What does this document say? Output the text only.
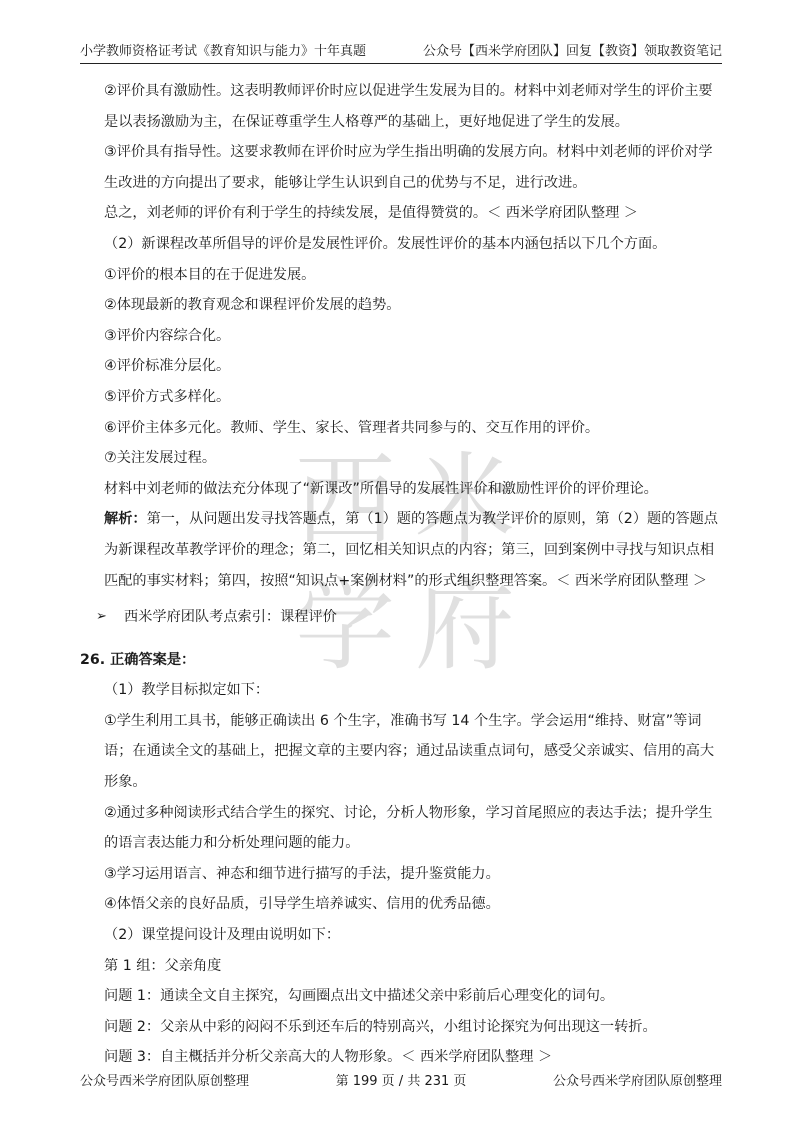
小学教师资格证考试《教育知识与能力》十年真题	公众号【西米学府团队】回复【教资】领取教资笔记
西 米
学 府

②评价具有激励性。这表明教师评价时应以促进学生发展为目的。材料中刘老师对学生的评价主要是以表扬激励为主，在保证尊重学生人格尊严的基础上，更好地促进了学生的发展。

③评价具有指导性。这要求教师在评价时应为学生指出明确的发展方向。材料中刘老师的评价对学生改进的方向提出了要求，能够让学生认识到自己的优势与不足，进行改进。

总之，刘老师的评价有利于学生的持续发展，是值得赞赏的。＜ 西米学府团队整理 ＞

（2）新课程改革所倡导的评价是发展性评价。发展性评价的基本内涵包括以下几个方面。

①评价的根本目的在于促进发展。

②体现最新的教育观念和课程评价发展的趋势。

③评价内容综合化。

④评价标准分层化。

⑤评价方式多样化。

⑥评价主体多元化。教师、学生、家长、管理者共同参与的、交互作用的评价。

⑦关注发展过程。

材料中刘老师的做法充分体现了“新课改”所倡导的发展性评价和激励性评价的评价理论。

解析：第一，从问题出发寻找答题点，第（1）题的答题点为教学评价的原则，第（2）题的答题点为新课程改革教学评价的理念；第二，回忆相关知识点的内容；第三，回到案例中寻找与知识点相匹配的事实材料；第四，按照“知识点+案例材料”的形式组织整理答案。＜ 西米学府团队整理 ＞

➢	西米学府团队考点索引：课程评价

26. 正确答案是：

（1）教学目标拟定如下：

①学生利用工具书，能够正确读出 6 个生字，准确书写 14 个生字。学会运用“维持、财富”等词语；在通读全文的基础上，把握文章的主要内容；通过品读重点词句，感受父亲诚实、信用的高大形象。

②通过多种阅读形式结合学生的探究、讨论，分析人物形象，学习首尾照应的表达手法；提升学生的语言表达能力和分析处理问题的能力。

③学习运用语言、神态和细节进行描写的手法，提升鉴赏能力。

④体悟父亲的良好品质，引导学生培养诚实、信用的优秀品德。

（2）课堂提问设计及理由说明如下：

第 1 组：父亲角度

问题 1：通读全文自主探究，勾画圈点出文中描述父亲中彩前后心理变化的词句。

问题 2：父亲从中彩的闷闷不乐到还车后的特别高兴，小组讨论探究为何出现这一转折。

问题 3：自主概括并分析父亲高大的人物形象。＜ 西米学府团队整理 ＞

公众号西米学府团队原创整理	第 199 页 / 共 231 页	公众号西米学府团队原创整理
